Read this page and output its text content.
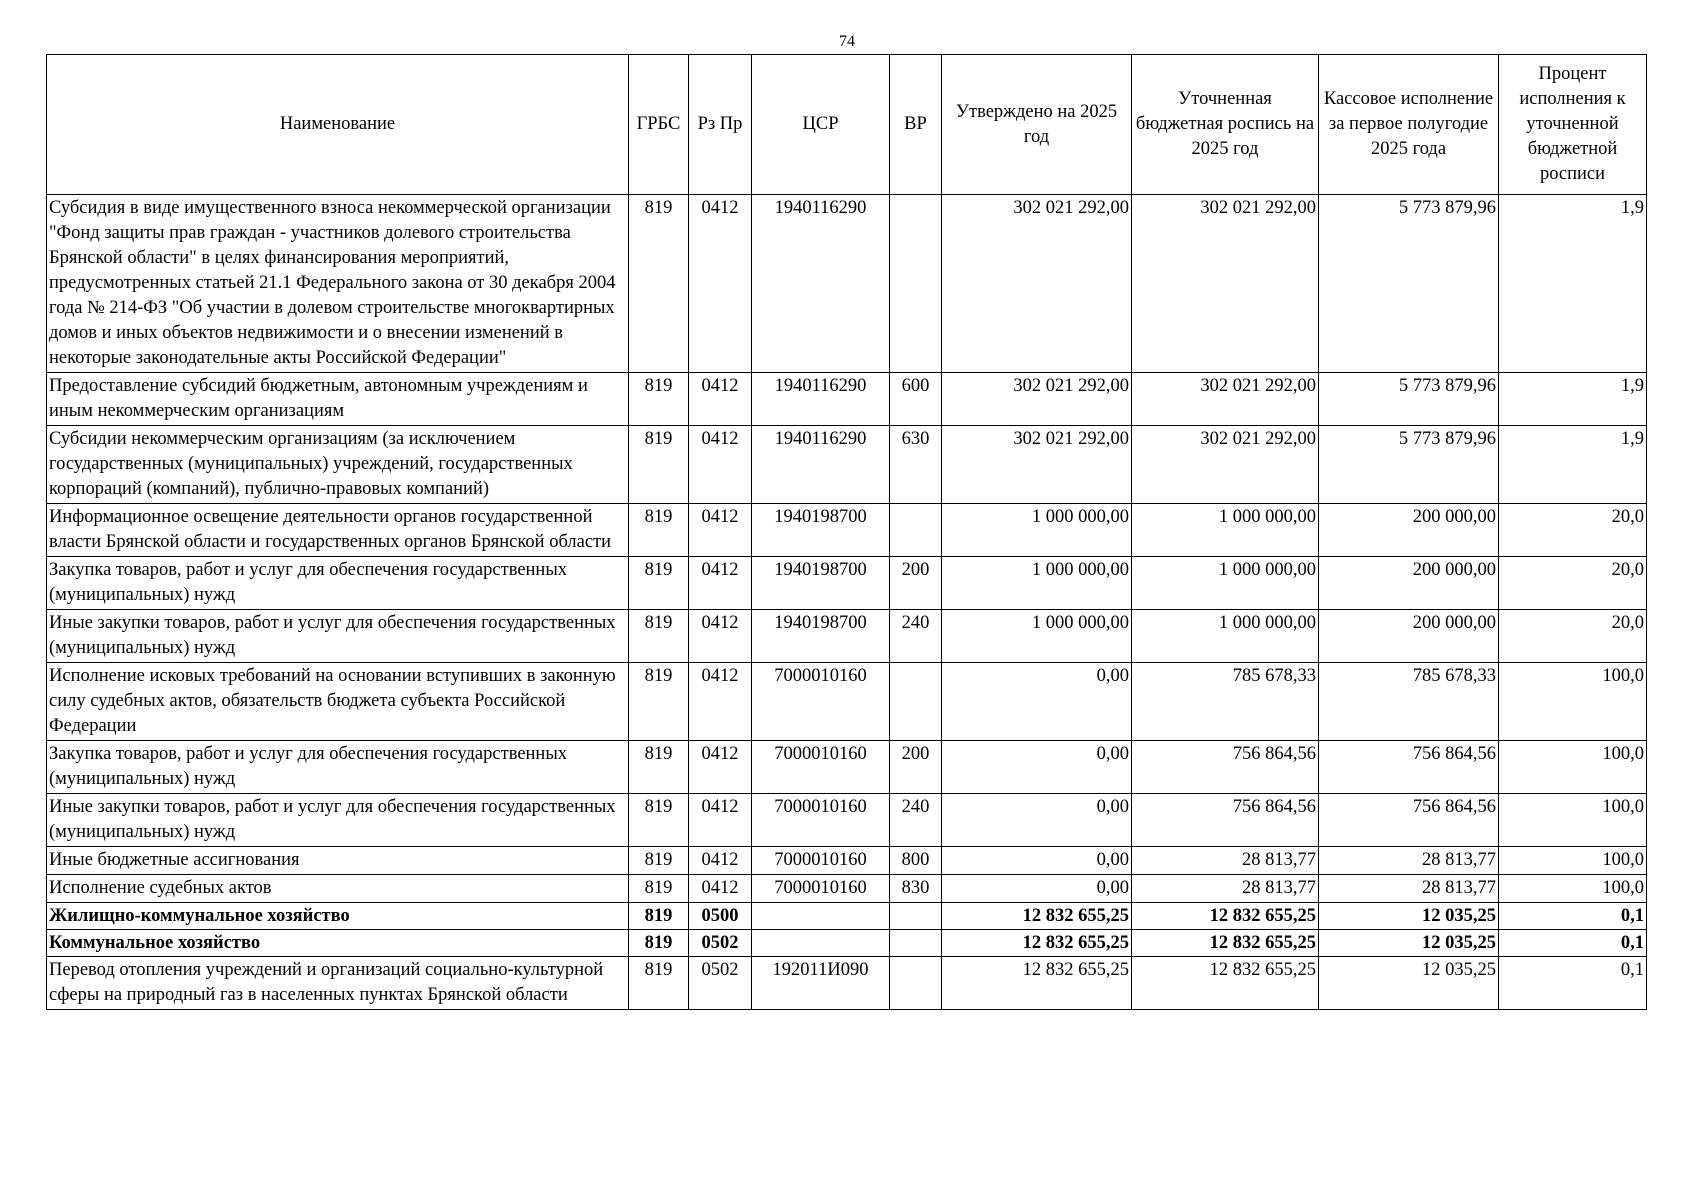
74
Наименование	ГРБС	Рз Пр	ЦСР	ВР	Утверждено на 2025 год	Уточненная бюджетная роспись на 2025 год	Кассовое исполнение за первое полугодие 2025 года	Процент исполнения к уточненной бюджетной росписи
Субсидия в виде имущественного взноса некоммерческой организации "Фонд защиты прав граждан - участников долевого строительства Брянской области" в целях финансирования мероприятий, предусмотренных статьей 21.1 Федерального закона от 30 декабря 2004 года № 214-ФЗ "Об участии в долевом строительстве многоквартирных домов и иных объектов недвижимости и о внесении изменений в некоторые законодательные акты Российской Федерации"	819	0412	1940116290		302 021 292,00	302 021 292,00	5 773 879,96	1,9
Предоставление субсидий бюджетным, автономным учреждениям и иным некоммерческим организациям	819	0412	1940116290	600	302 021 292,00	302 021 292,00	5 773 879,96	1,9
Субсидии некоммерческим организациям (за исключением государственных (муниципальных) учреждений, государственных корпораций (компаний), публично-правовых компаний)	819	0412	1940116290	630	302 021 292,00	302 021 292,00	5 773 879,96	1,9
Информационное освещение деятельности органов государственной власти Брянской области и государственных органов Брянской области	819	0412	1940198700		1 000 000,00	1 000 000,00	200 000,00	20,0
Закупка товаров, работ и услуг для обеспечения государственных (муниципальных) нужд	819	0412	1940198700	200	1 000 000,00	1 000 000,00	200 000,00	20,0
Иные закупки товаров, работ и услуг для обеспечения государственных (муниципальных) нужд	819	0412	1940198700	240	1 000 000,00	1 000 000,00	200 000,00	20,0
Исполнение исковых требований на основании вступивших в законную силу судебных актов, обязательств бюджета субъекта Российской Федерации	819	0412	7000010160		0,00	785 678,33	785 678,33	100,0
Закупка товаров, работ и услуг для обеспечения государственных (муниципальных) нужд	819	0412	7000010160	200	0,00	756 864,56	756 864,56	100,0
Иные закупки товаров, работ и услуг для обеспечения государственных (муниципальных) нужд	819	0412	7000010160	240	0,00	756 864,56	756 864,56	100,0
Иные бюджетные ассигнования	819	0412	7000010160	800	0,00	28 813,77	28 813,77	100,0
Исполнение судебных актов	819	0412	7000010160	830	0,00	28 813,77	28 813,77	100,0
Жилищно-коммунальное хозяйство	819	0500			12 832 655,25	12 832 655,25	12 035,25	0,1
Коммунальное хозяйство	819	0502			12 832 655,25	12 832 655,25	12 035,25	0,1
Перевод отопления учреждений и организаций социально-культурной сферы на природный газ в населенных пунктах Брянской области	819	0502	192011И090		12 832 655,25	12 832 655,25	12 035,25	0,1
